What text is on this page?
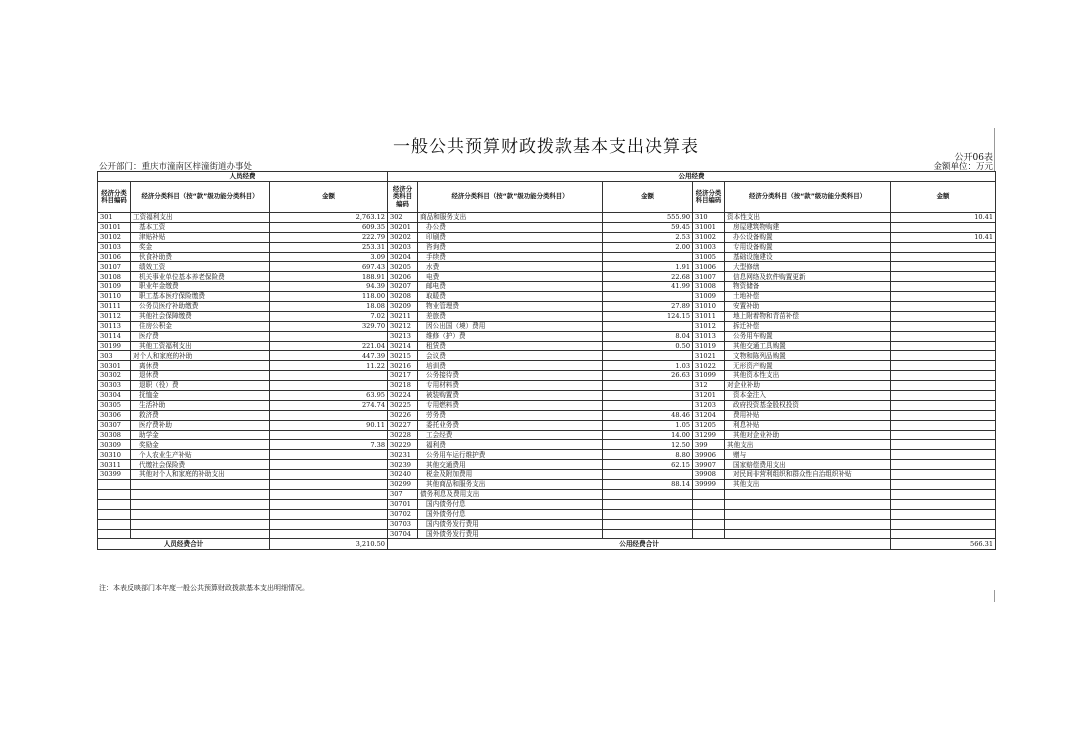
一般公共预算财政拨款基本支出决算表
公开06表
公开部门：重庆市潼南区梓潼街道办事处	金额单位：万元
人员经费			公用经费					
经济分类科目编码	经济分类科目（按“款”级功能分类科目）	金额	经济分类科目编码	经济分类科目（按“款”级功能分类科目）	金额	经济分类科目编码	经济分类科目（按“款”级功能分类科目）	金额
301	工资福利支出	2,763.12	302	商品和服务支出	555.90	310	资本性支出	10.41
30101	基本工资	609.35	30201	办公费	59.45	31001	房屋建筑物购建	
30102	津贴补贴	222.79	30202	印刷费	2.53	31002	办公设备购置	10.41
30103	奖金	253.31	30203	咨询费	2.00	31003	专用设备购置	
30106	伙食补助费	3.09	30204	手续费		31005	基础设施建设	
30107	绩效工资	697.43	30205	水费	1.91	31006	大型修缮	
30108	机关事业单位基本养老保险费	188.91	30206	电费	22.68	31007	信息网络及软件购置更新	
30109	职业年金缴费	94.39	30207	邮电费	41.99	31008	物资储备	
30110	职工基本医疗保险缴费	118.00	30208	取暖费		31009	土地补偿	
30111	公务员医疗补助缴费	18.08	30209	物业管理费	27.89	31010	安置补助	
30112	其他社会保障缴费	7.02	30211	差旅费	124.15	31011	地上附着物和青苗补偿	
30113	住房公积金	329.70	30212	因公出国（境）费用		31012	拆迁补偿	
30114	医疗费		30213	维修（护）费	8.04	31013	公务用车购置	
30199	其他工资福利支出	221.04	30214	租赁费	0.50	31019	其他交通工具购置	
303	对个人和家庭的补助	447.39	30215	会议费		31021	文物和陈列品购置	
30301	离休费	11.22	30216	培训费	1.03	31022	无形资产购置	
30302	退休费		30217	公务接待费	26.63	31099	其他资本性支出	
30303	退职（役）费		30218	专用材料费		312	对企业补助	
30304	抚恤金	63.95	30224	被装购置费		31201	资本金注入	
30305	生活补助	274.74	30225	专用燃料费		31203	政府投资基金股权投资	
30306	救济费		30226	劳务费	48.46	31204	费用补贴	
30307	医疗费补助	90.11	30227	委托业务费	1.05	31205	利息补贴	
30308	助学金		30228	工会经费	14.00	31299	其他对企业补助	
30309	奖励金	7.38	30229	福利费	12.50	399	其他支出	
30310	个人农业生产补贴		30231	公务用车运行维护费	8.80	39906	赠与	
30311	代缴社会保险费		30239	其他交通费用	62.15	39907	国家赔偿费用支出	
30399	其他对个人和家庭的补助支出		30240	税金及附加费用		39908	对民间非营利组织和群众性自治组织补贴	
			30299	其他商品和服务支出	88.14	39999	其他支出	
			307	债务利息及费用支出				
			30701	国内债务付息				
			30702	国外债务付息				
			30703	国内债务发行费用				
			30704	国外债务发行费用				
人员经费合计		3,210.50	公用经费合计					566.31
注：本表反映部门本年度一般公共预算财政拨款基本支出明细情况。
